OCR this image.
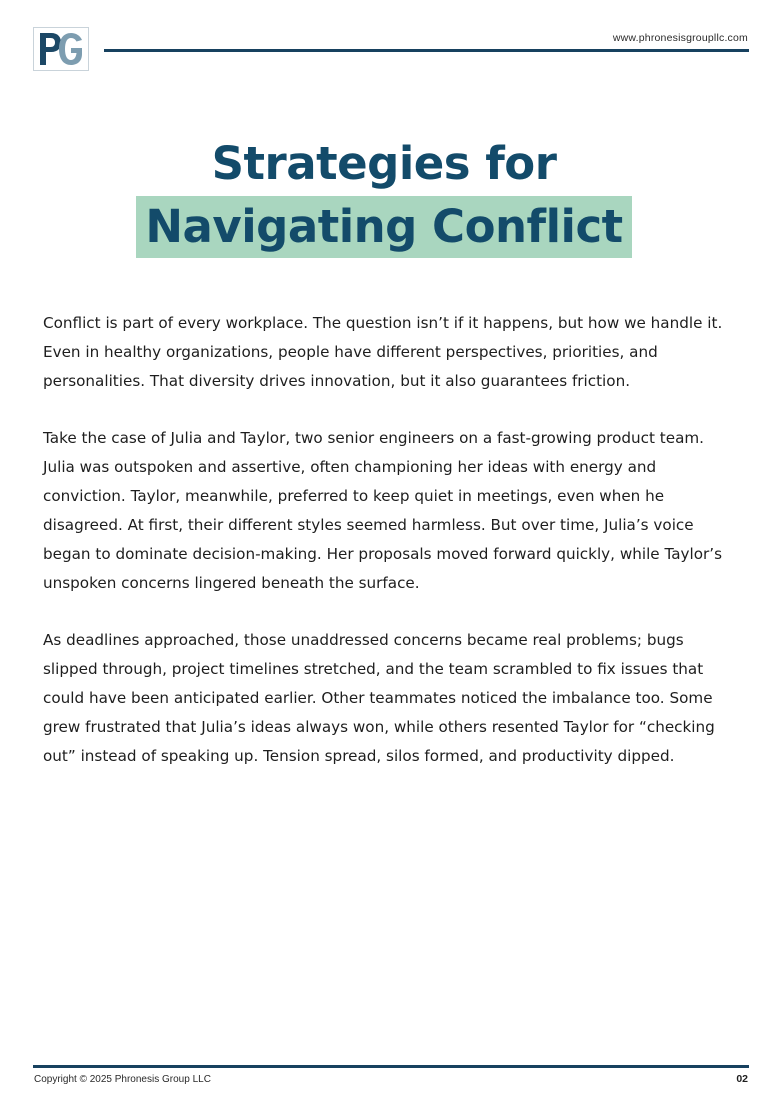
www.phronesisgroupllc.com
Strategies for
Navigating Conflict

Conflict is part of every workplace. The question isn’t if it happens, but how we handle it. Even in healthy organizations, people have different perspectives, priorities, and personalities. That diversity drives innovation, but it also guarantees friction.

Take the case of Julia and Taylor, two senior engineers on a fast-growing product team. Julia was outspoken and assertive, often championing her ideas with energy and conviction. Taylor, meanwhile, preferred to keep quiet in meetings, even when he disagreed. At first, their different styles seemed harmless. But over time, Julia’s voice began to dominate decision-making. Her proposals moved forward quickly, while Taylor’s unspoken concerns lingered beneath the surface.

As deadlines approached, those unaddressed concerns became real problems; bugs slipped through, project timelines stretched, and the team scrambled to fix issues that could have been anticipated earlier. Other teammates noticed the imbalance too. Some grew frustrated that Julia’s ideas always won, while others resented Taylor for “checking out” instead of speaking up. Tension spread, silos formed, and productivity dipped.

Copyright © 2025 Phronesis Group LLC	02
